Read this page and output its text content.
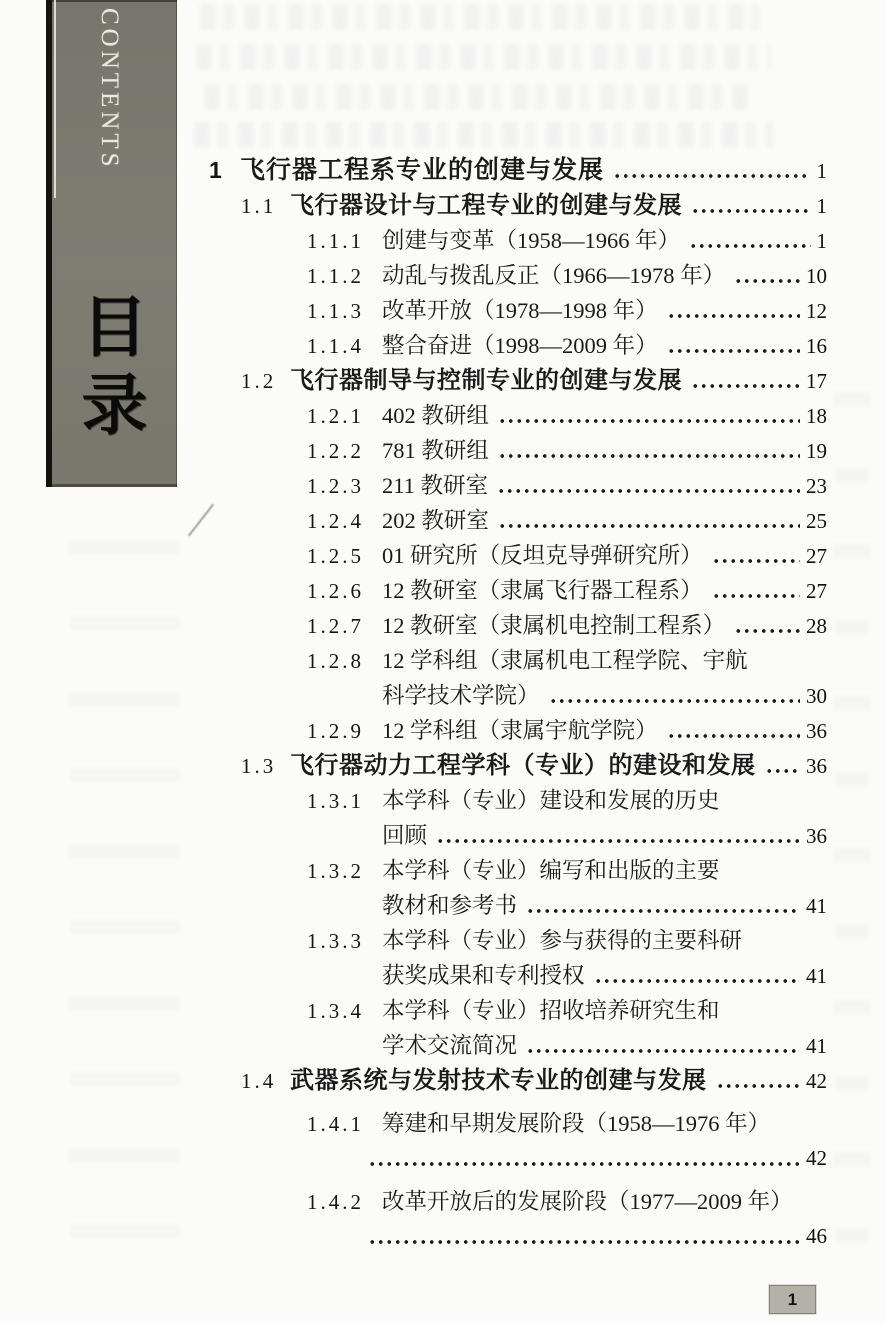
CONTENTS
目
录
1 飞行器工程系专业的创建与发展	1
1.1 飞行器设计与工程专业的创建与发展	1
1.1.1 创建与变革（1958—1966 年）	1
1.1.2 动乱与拨乱反正（1966—1978 年）	10
1.1.3 改革开放（1978—1998 年）	12
1.1.4 整合奋进（1998—2009 年）	16
1.2 飞行器制导与控制专业的创建与发展	17
1.2.1 402 教研组	18
1.2.2 781 教研组	19
1.2.3 211 教研室	23
1.2.4 202 教研室	25
1.2.5 01 研究所（反坦克导弹研究所）	27
1.2.6 12 教研室（隶属飞行器工程系）	27
1.2.7 12 教研室（隶属机电控制工程系）	28
1.2.8 12 学科组（隶属机电工程学院、宇航
科学技术学院）	30
1.2.9 12 学科组（隶属宇航学院）	36
1.3 飞行器动力工程学科（专业）的建设和发展 36
1.3.1 本学科（专业）建设和发展的历史
回顾	36
1.3.2 本学科（专业）编写和出版的主要
教材和参考书	41
1.3.3 本学科（专业）参与获得的主要科研
获奖成果和专利授权	41
1.3.4 本学科（专业）招收培养研究生和
学术交流简况	41
1.4 武器系统与发射技术专业的创建与发展	42
1.4.1 筹建和早期发展阶段（1958—1976 年）
42
1.4.2 改革开放后的发展阶段（1977—2009 年）
46
1
